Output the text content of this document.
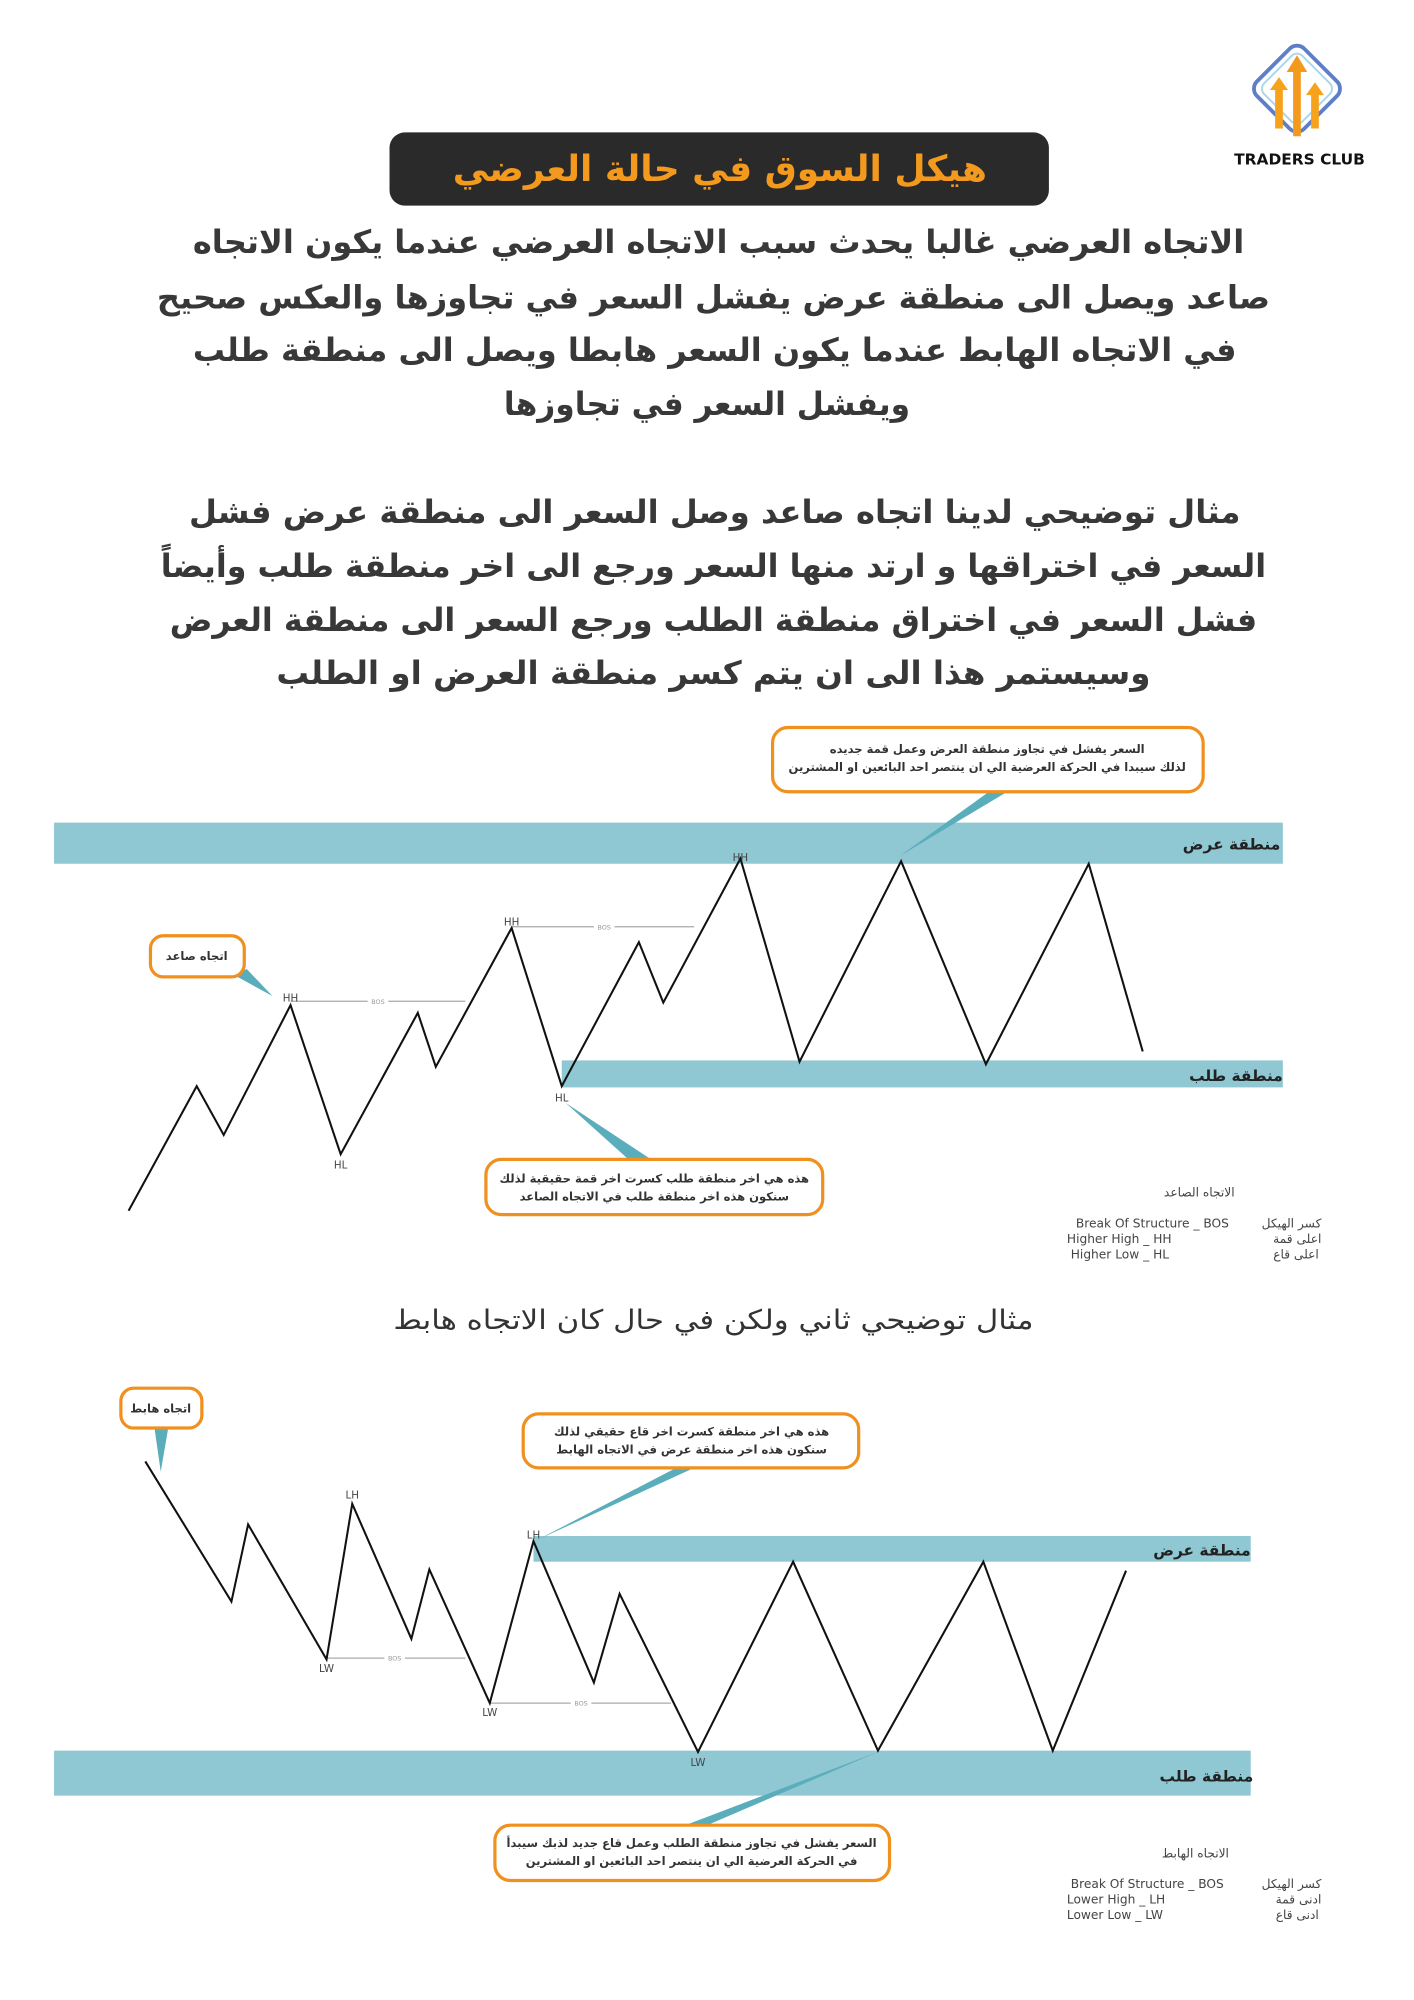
TRADERS CLUB
هيكل السوق في حالة العرضي
الاتجاه العرضي غالبا يحدث سبب الاتجاه العرضي عندما يكون الاتجاه
صاعد ويصل الى منطقة عرض يفشل السعر في تجاوزها والعكس صحيح
في الاتجاه الهابط عندما يكون السعر هابطا ويصل الى منطقة طلب
ويفشل السعر في تجاوزها
مثال توضيحي لدينا اتجاه صاعد وصل السعر الى منطقة عرض فشل
السعر في اختراقها و ارتد منها السعر ورجع الى اخر منطقة طلب وأيضاً
فشل السعر في اختراق منطقة الطلب ورجع السعر الى منطقة العرض
وسيستمر هذا الى ان يتم كسر منطقة العرض او الطلب
منطقة عرض
منطقة طلب
BOS
BOS
HH
HL
HH
HL
HH
اتجاه صاعد
السعر يفشل في تجاوز منطقة العرض وعمل قمة جديده
لذلك سيبدا في الحركة العرضية الي ان ينتصر احد البائعين او المشترين
هذه هي اخر منطقة طلب كسرت اخر قمة حقيقية لذلك
سنكون هذه اخر منطقة طلب في الاتجاه الصاعد	الاتجاه الصاعد
Break Of Structure _ BOS	كسر الهيكل
Higher High _ HH	اعلى قمة
Higher Low _ HL	اعلى قاع
مثال توضيحي ثاني ولكن في حال كان الاتجاه هابط
منطقة عرض
منطقة طلب
BOS
BOS
LH
LW
LH
LW
LW
اتجاه هابط
هذه هي اخر منطقة كسرت اخر قاع حقيقي لذلك
سنكون هذه اخر منطقة عرض في الاتجاه الهابط
السعر يفشل في تجاوز منطقة الطلب وعمل قاع جديد لذبك سيبدأ
في الحركة العرضية الي ان ينتصر احد البائعين او المشترين
الاتجاه الهابط
Break Of Structure _ BOS	كسر الهيكل
Lower High _ LH	ادنى قمة
Lower Low _ LW	ادنى قاع
